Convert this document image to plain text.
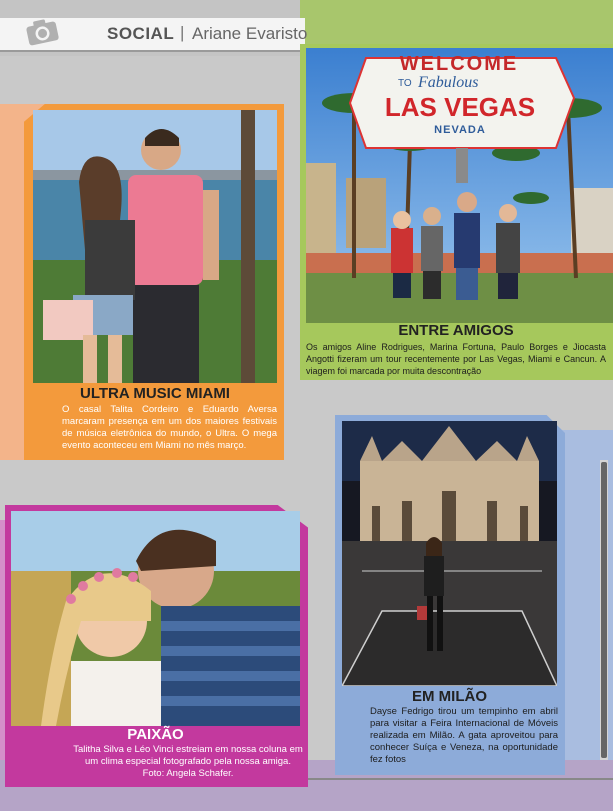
SOCIAL | Ariane Evaristo
WELCOME
TO Fabulous
LAS VEGAS
NEVADA
ENTRE AMIGOS
Os amigos Aline Rodrigues, Marina Fortuna, Paulo Borges e Jiocasta Angotti fizeram um tour recentemente por Las Vegas, Miami e Cancun. A viagem foi marcada por muita descontração
ULTRA MUSIC MIAMI
O casal Talita Cordeiro e Eduardo Aversa marcaram presença em um dos maiores festivais de música eletrônica do mundo, o Ultra. O mega evento aconteceu em Miami no mês março.
EM MILÃO
Dayse Fedrigo tirou um tempinho em abril para visitar a Feira Internacional de Móveis realizada em Milão. A gata aproveitou para conhecer Suíça e Veneza, na oportunidade fez fotos
PAIXÃO
Talitha Silva e Léo Vinci estreiam em nossa coluna em um clima especial fotografado pela nossa amiga.
Foto: Angela Schafer.
